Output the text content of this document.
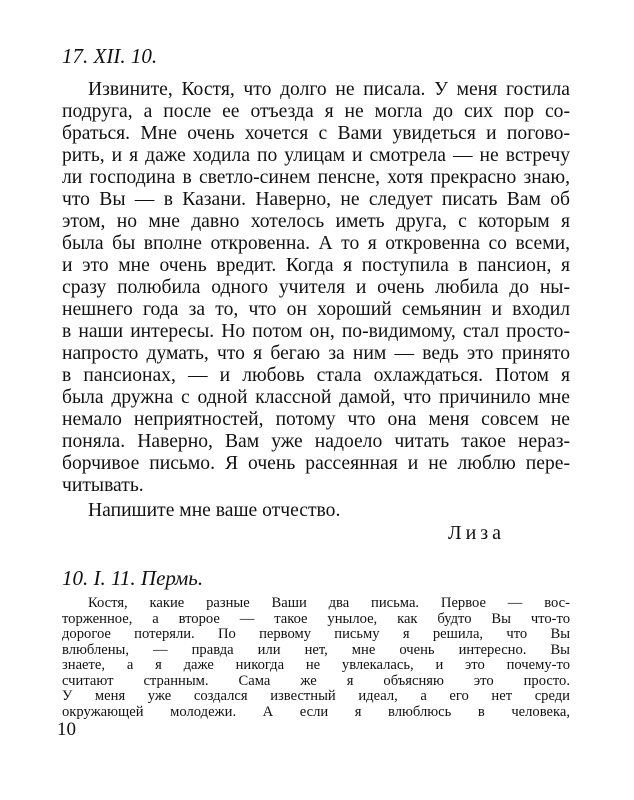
17. XII. 10.
Извините, Костя, что долго не писала. У меня гостила
подруга, а после ее отъезда я не могла до сих пор со-
браться. Мне очень хочется с Вами увидеться и погово-
рить, и я даже ходила по улицам и смотрела — не встречу
ли господина в светло-синем пенсне, хотя прекрасно знаю,
что Вы — в Казани. Наверно, не следует писать Вам об
этом, но мне давно хотелось иметь друга, с которым я
была бы вполне откровенна. А то я откровенна со всеми,
и это мне очень вредит. Когда я поступила в пансион, я
сразу полюбила одного учителя и очень любила до ны-
нешнего года за то, что он хороший семьянин и входил
в наши интересы. Но потом он, по-видимому, стал просто-
напросто думать, что я бегаю за ним — ведь это принято
в пансионах, — и любовь стала охлаждаться. Потом я
была дружна с одной классной дамой, что причинило мне
немало неприятностей, потому что она меня совсем не
поняла. Наверно, Вам уже надоело читать такое нераз-
борчивое письмо. Я очень рассеянная и не люблю пере-
читывать.
Напишите мне ваше отчество.
Лиза
10. I. 11. Пермь.
Костя, какие разные Ваши два письма. Первое — вос-
торженное, а второе — такое унылое, как будто Вы что-то
дорогое потеряли. По первому письму я решила, что Вы
влюблены, — правда или нет, мне очень интересно. Вы
знаете, а я даже никогда не увлекалась, и это почему-то
10
считают странным. Сама же я объясняю это просто.
У меня уже создался известный идеал, а его нет среди
окружающей молодежи. А если я влюблюсь в человека,
